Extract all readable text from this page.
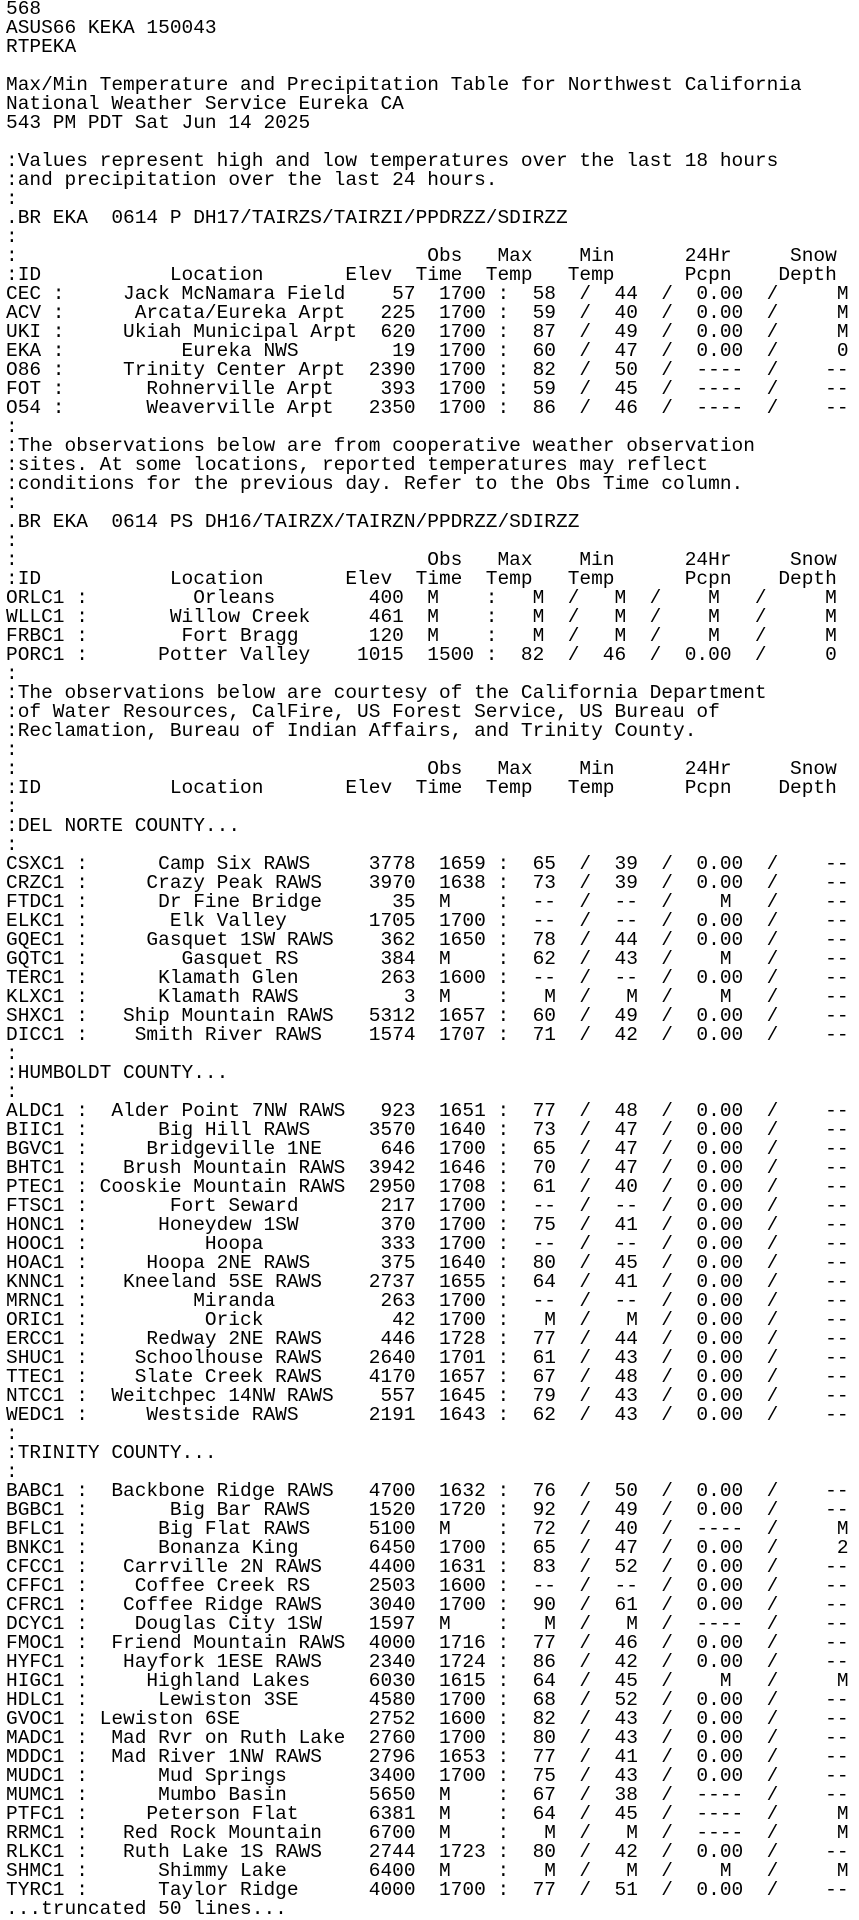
568
ASUS66 KEKA 150043
RTPEKA
Max/Min Temperature and Precipitation Table for Northwest California
National Weather Service Eureka CA
543 PM PDT Sat Jun 14 2025
:Values represent high and low temperatures over the last 18 hours
:and precipitation over the last 24 hours.
:
.BR EKA  0614 P DH17/TAIRZS/TAIRZI/PPDRZZ/SDIRZZ
:
:                                   Obs   Max    Min      24Hr     Snow
:ID           Location       Elev  Time  Temp   Temp      Pcpn    Depth
CEC :     Jack McNamara Field    57  1700 :  58  /  44  /  0.00  /     M
ACV :      Arcata/Eureka Arpt   225  1700 :  59  /  40  /  0.00  /     M
UKI :     Ukiah Municipal Arpt  620  1700 :  87  /  49  /  0.00  /     M
EKA :          Eureka NWS        19  1700 :  60  /  47  /  0.00  /     0
O86 :     Trinity Center Arpt  2390  1700 :  82  /  50  /  ----  /    --
FOT :       Rohnerville Arpt    393  1700 :  59  /  45  /  ----  /    --
O54 :       Weaverville Arpt   2350  1700 :  86  /  46  /  ----  /    --
:
:The observations below are from cooperative weather observation
:sites. At some locations, reported temperatures may reflect
:conditions for the previous day. Refer to the Obs Time column.
:
.BR EKA  0614 PS DH16/TAIRZX/TAIRZN/PPDRZZ/SDIRZZ
:
:                                   Obs   Max    Min      24Hr     Snow
:ID           Location       Elev  Time  Temp   Temp      Pcpn    Depth
ORLC1 :         Orleans        400  M    :   M  /   M  /    M   /     M
WLLC1 :       Willow Creek     461  M    :   M  /   M  /    M   /     M
FRBC1 :        Fort Bragg      120  M    :   M  /   M  /    M   /     M
PORC1 :      Potter Valley    1015  1500 :  82  /  46  /  0.00  /     0
:
:The observations below are courtesy of the California Department
:of Water Resources, CalFire, US Forest Service, US Bureau of
:Reclamation, Bureau of Indian Affairs, and Trinity County.
:
:                                   Obs   Max    Min      24Hr     Snow
:ID           Location       Elev  Time  Temp   Temp      Pcpn    Depth
:
:DEL NORTE COUNTY...
:
CSXC1 :      Camp Six RAWS     3778  1659 :  65  /  39  /  0.00  /    --
CRZC1 :     Crazy Peak RAWS    3970  1638 :  73  /  39  /  0.00  /    --
FTDC1 :      Dr Fine Bridge      35  M    :  --  /  --  /    M   /    --
ELKC1 :       Elk Valley       1705  1700 :  --  /  --  /  0.00  /    --
GQEC1 :     Gasquet 1SW RAWS    362  1650 :  78  /  44  /  0.00  /    --
GQTC1 :        Gasquet RS       384  M    :  62  /  43  /    M   /    --
TERC1 :      Klamath Glen       263  1600 :  --  /  --  /  0.00  /    --
KLXC1 :      Klamath RAWS         3  M    :   M  /   M  /    M   /    --
SHXC1 :   Ship Mountain RAWS   5312  1657 :  60  /  49  /  0.00  /    --
DICC1 :    Smith River RAWS    1574  1707 :  71  /  42  /  0.00  /    --
:
:HUMBOLDT COUNTY...
:
ALDC1 :  Alder Point 7NW RAWS   923  1651 :  77  /  48  /  0.00  /    --
BIIC1 :      Big Hill RAWS     3570  1640 :  73  /  47  /  0.00  /    --
BGVC1 :     Bridgeville 1NE     646  1700 :  65  /  47  /  0.00  /    --
BHTC1 :   Brush Mountain RAWS  3942  1646 :  70  /  47  /  0.00  /    --
PTEC1 : Cooskie Mountain RAWS  2950  1708 :  61  /  40  /  0.00  /    --
FTSC1 :       Fort Seward       217  1700 :  --  /  --  /  0.00  /    --
HONC1 :      Honeydew 1SW       370  1700 :  75  /  41  /  0.00  /    --
HOOC1 :          Hoopa          333  1700 :  --  /  --  /  0.00  /    --
HOAC1 :     Hoopa 2NE RAWS      375  1640 :  80  /  45  /  0.00  /    --
KNNC1 :   Kneeland 5SE RAWS    2737  1655 :  64  /  41  /  0.00  /    --
MRNC1 :         Miranda         263  1700 :  --  /  --  /  0.00  /    --
ORIC1 :          Orick           42  1700 :   M  /   M  /  0.00  /    --
ERCC1 :     Redway 2NE RAWS     446  1728 :  77  /  44  /  0.00  /    --
SHUC1 :    Schoolhouse RAWS    2640  1701 :  61  /  43  /  0.00  /    --
TTEC1 :    Slate Creek RAWS    4170  1657 :  67  /  48  /  0.00  /    --
NTCC1 :  Weitchpec 14NW RAWS    557  1645 :  79  /  43  /  0.00  /    --
WEDC1 :     Westside RAWS      2191  1643 :  62  /  43  /  0.00  /    --
:
:TRINITY COUNTY...
:
BABC1 :  Backbone Ridge RAWS   4700  1632 :  76  /  50  /  0.00  /    --
BGBC1 :       Big Bar RAWS     1520  1720 :  92  /  49  /  0.00  /    --
BFLC1 :      Big Flat RAWS     5100  M    :  72  /  40  /  ----  /     M
BNKC1 :      Bonanza King      6450  1700 :  65  /  47  /  0.00  /     2
CFCC1 :   Carrville 2N RAWS    4400  1631 :  83  /  52  /  0.00  /    --
CFFC1 :    Coffee Creek RS     2503  1600 :  --  /  --  /  0.00  /    --
CFRC1 :   Coffee Ridge RAWS    3040  1700 :  90  /  61  /  0.00  /    --
DCYC1 :    Douglas City 1SW    1597  M    :   M  /   M  /  ----  /    --
FMOC1 :  Friend Mountain RAWS  4000  1716 :  77  /  46  /  0.00  /    --
HYFC1 :   Hayfork 1ESE RAWS    2340  1724 :  86  /  42  /  0.00  /    --
HIGC1 :     Highland Lakes     6030  1615 :  64  /  45  /    M   /     M
HDLC1 :      Lewiston 3SE      4580  1700 :  68  /  52  /  0.00  /    --
GVOC1 : Lewiston 6SE           2752  1600 :  82  /  43  /  0.00  /    --
MADC1 :  Mad Rvr on Ruth Lake  2760  1700 :  80  /  43  /  0.00  /    --
MDDC1 :  Mad River 1NW RAWS    2796  1653 :  77  /  41  /  0.00  /    --
MUDC1 :      Mud Springs       3400  1700 :  75  /  43  /  0.00  /    --
MUMC1 :      Mumbo Basin       5650  M    :  67  /  38  /  ----  /    --
PTFC1 :     Peterson Flat      6381  M    :  64  /  45  /  ----  /     M
RRMC1 :   Red Rock Mountain    6700  M    :   M  /   M  /  ----  /     M
RLKC1 :   Ruth Lake 1S RAWS    2744  1723 :  80  /  42  /  0.00  /    --
SHMC1 :      Shimmy Lake       6400  M    :   M  /   M  /    M   /     M
TYRC1 :      Taylor Ridge      4000  1700 :  77  /  51  /  0.00  /    --
...truncated 50 lines...
